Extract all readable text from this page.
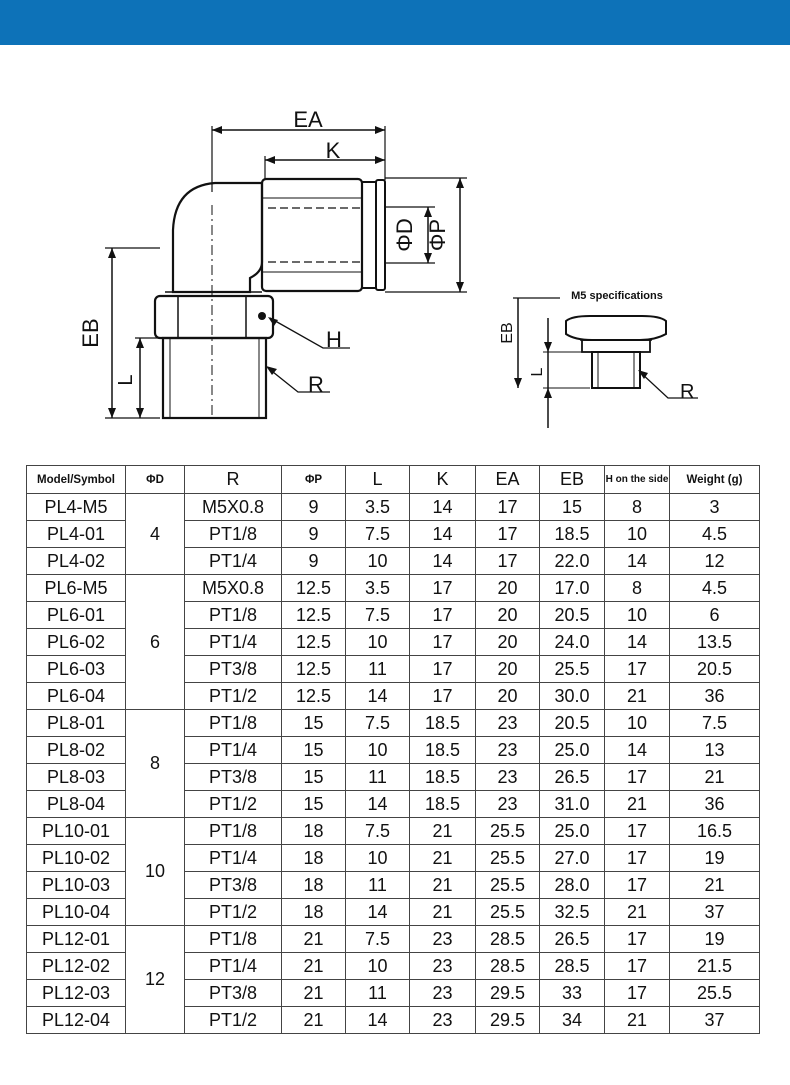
EA
K
ΦD ΦP
EB
L
H
R
M5 specifications
EB
L
R
Model/Symbol	ΦD	R	ΦP	L	K	EA	EB	H on the side	Weight (g)
PL4-M5	4	M5X0.8	9	3.5	14	17	15	8	3
PL4-01		PT1/8	9	7.5	14	17	18.5	10	4.5
PL4-02		PT1/4	9	10	14	17	22.0	14	12
PL6-M5	6	M5X0.8	12.5	3.5	17	20	17.0	8	4.5
PL6-01		PT1/8	12.5	7.5	17	20	20.5	10	6
PL6-02		PT1/4	12.5	10	17	20	24.0	14	13.5
PL6-03		PT3/8	12.5	11	17	20	25.5	17	20.5
PL6-04		PT1/2	12.5	14	17	20	30.0	21	36
PL8-01	8	PT1/8	15	7.5	18.5	23	20.5	10	7.5
PL8-02		PT1/4	15	10	18.5	23	25.0	14	13
PL8-03		PT3/8	15	11	18.5	23	26.5	17	21
PL8-04		PT1/2	15	14	18.5	23	31.0	21	36
PL10-01	10	PT1/8	18	7.5	21	25.5	25.0	17	16.5
PL10-02		PT1/4	18	10	21	25.5	27.0	17	19
PL10-03		PT3/8	18	11	21	25.5	28.0	17	21
PL10-04		PT1/2	18	14	21	25.5	32.5	21	37
PL12-01	12	PT1/8	21	7.5	23	28.5	26.5	17	19
PL12-02		PT1/4	21	10	23	28.5	28.5	17	21.5
PL12-03		PT3/8	21	11	23	29.5	33	17	25.5
PL12-04		PT1/2	21	14	23	29.5	34	21	37
